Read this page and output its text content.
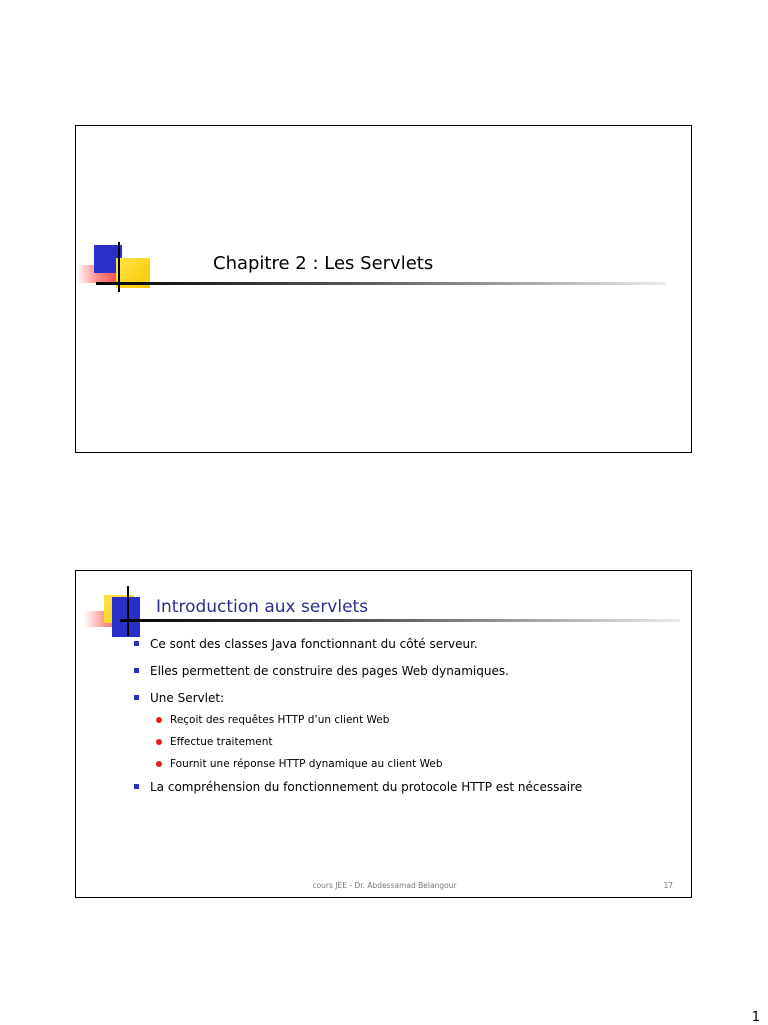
Chapitre 2 : Les Servlets
Introduction aux servlets
Ce sont des classes Java fonctionnant du côté serveur.
Elles permettent de construire des pages Web dynamiques.
Une Servlet:
Reçoit des requêtes HTTP d’un client Web
Effectue traitement
Fournit une réponse HTTP dynamique au client Web
La compréhension du fonctionnement du protocole HTTP est nécessaire
cours JEE - Dr. Abdessamad Belangour	17
1
